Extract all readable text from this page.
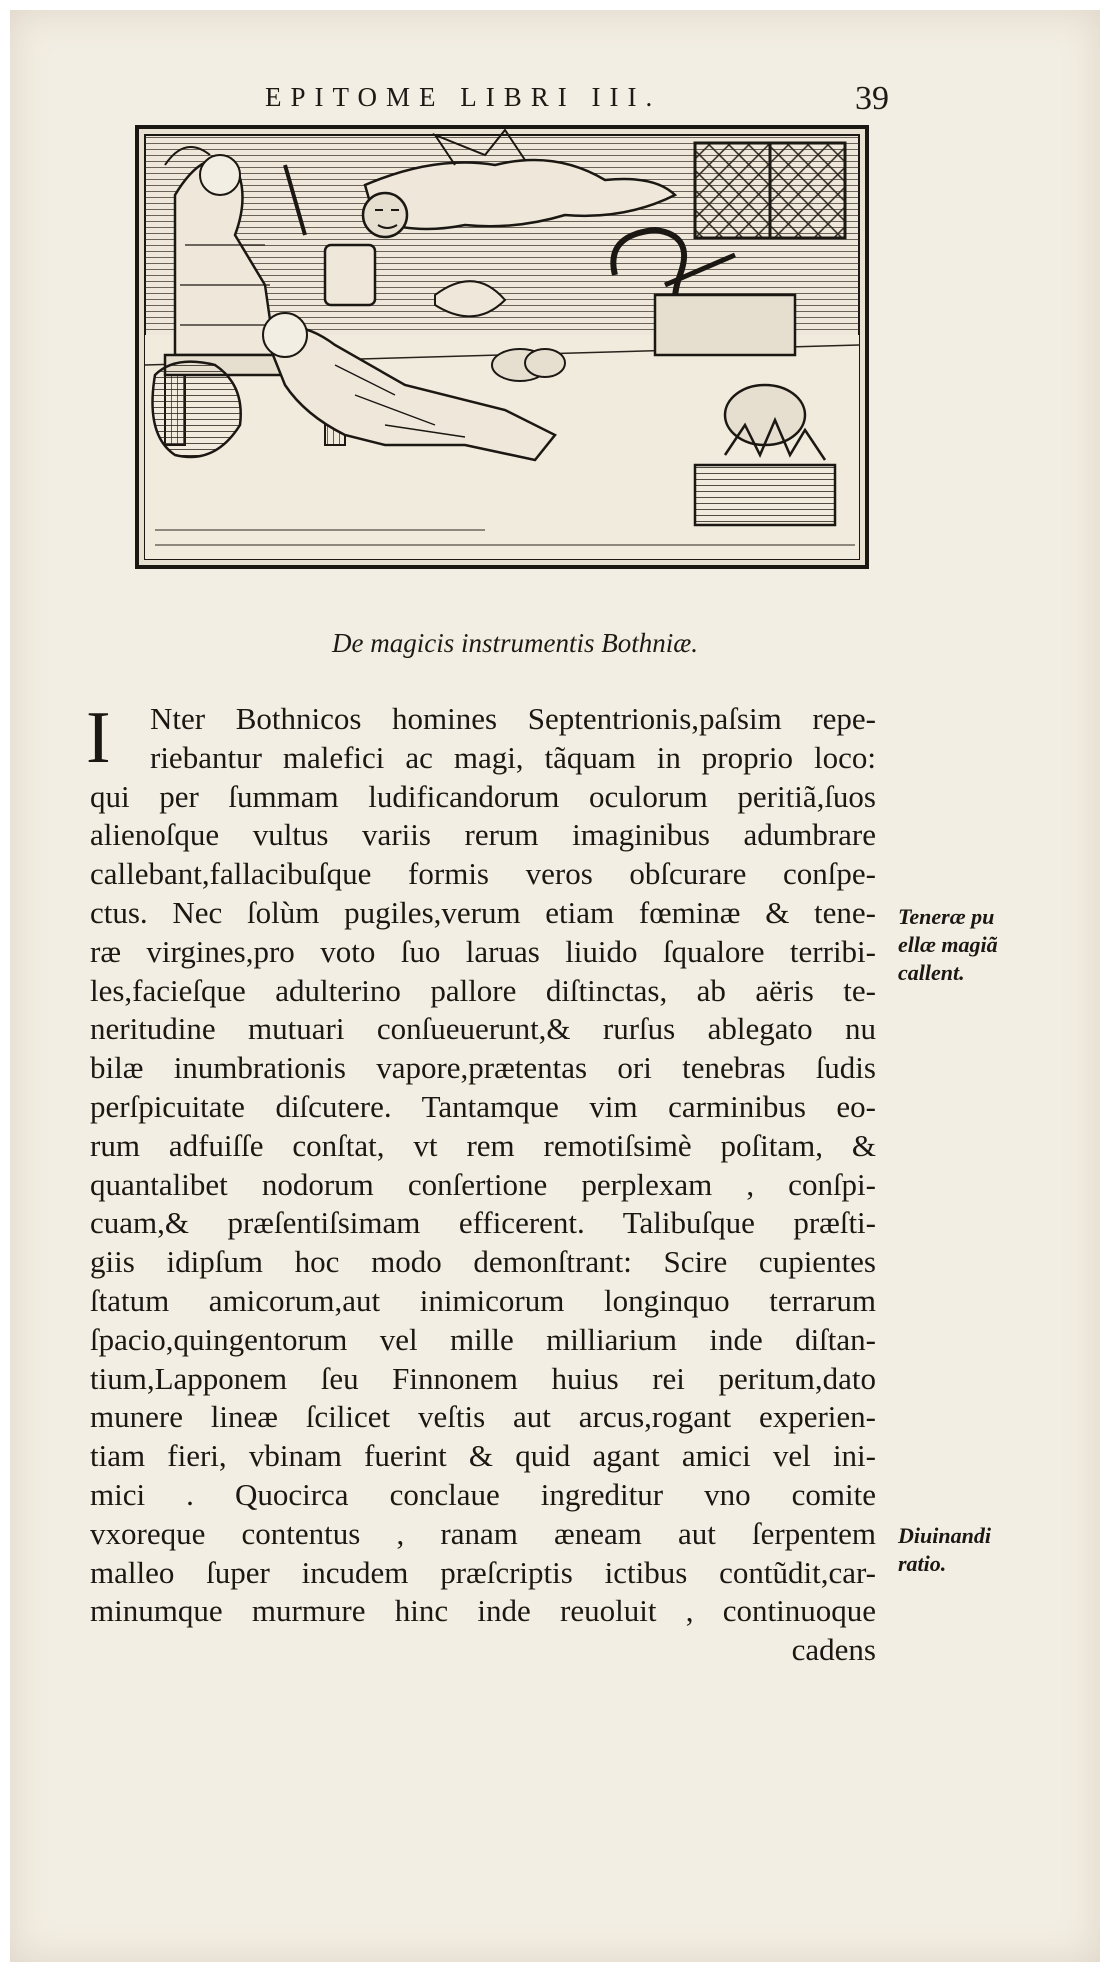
EPITOME LIBRI III.	39
De magicis instrumentis Bothniæ.
I	Nter Bothnicos homines Septentrionis,paſsim repe-
riebantur malefici ac magi, tãquam in proprio loco:
qui per ſummam ludificandorum oculorum peritiã,ſuos
alienoſque vultus variis rerum imaginibus adumbrare
callebant,fallacibuſque formis veros obſcurare conſpe-
ctus. Nec ſolùm pugiles,verum etiam fœminæ & tene-
ræ virgines,pro voto ſuo laruas liuido ſqualore terribi-
les,facieſque adulterino pallore diſtinctas, ab aëris te-
neritudine mutuari conſueuerunt,& rurſus ablegato nu
bilæ inumbrationis vapore,prætentas ori tenebras ſudis
perſpicuitate diſcutere. Tantamque vim carminibus eo-
rum adfuiſſe conſtat, vt rem remotiſsimè poſitam, &
quantalibet nodorum conſertione perplexam , conſpi-
cuam,& præſentiſsimam efficerent. Talibuſque præſti-
giis idipſum hoc modo demonſtrant: Scire cupientes
ſtatum amicorum,aut inimicorum longinquo terrarum
ſpacio,quingentorum vel mille milliarium inde diſtan-
tium,Lapponem ſeu Finnonem huius rei peritum,dato
munere lineæ ſcilicet veſtis aut arcus,rogant experien-
tiam fieri, vbinam fuerint & quid agant amici vel ini-
mici . Quocirca conclaue ingreditur vno comite
vxoreque contentus , ranam æneam aut ſerpentem
malleo ſuper incudem præſcriptis ictibus contũdit,car-
minumque murmure hinc inde reuoluit , continuoque
cadens
Teneræ pu
ellæ magiã
callent.
Diuinandi
ratio.
